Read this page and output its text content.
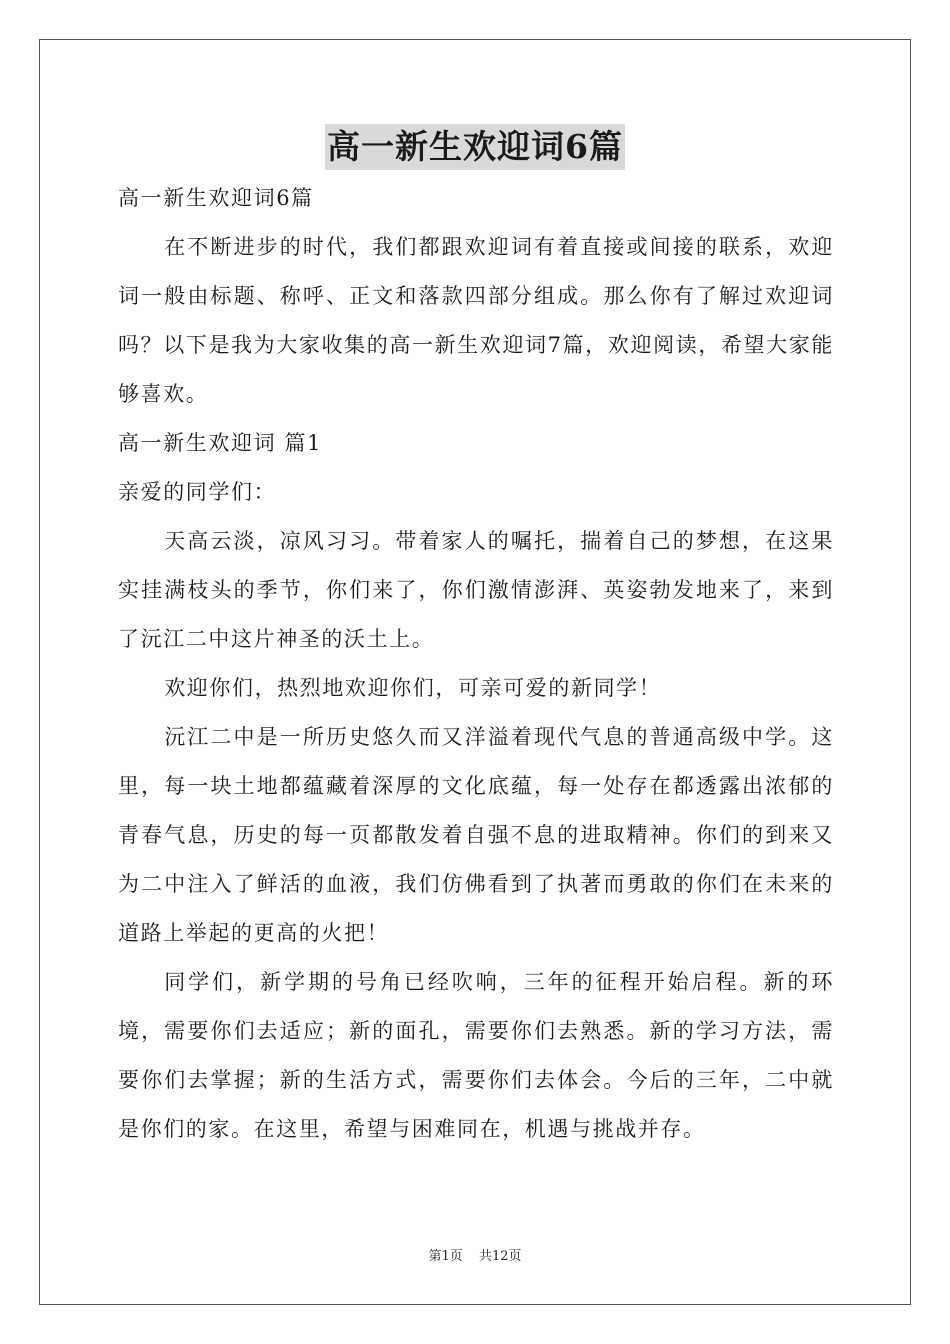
高一新生欢迎词6篇

高一新生欢迎词6篇

在不断进步的时代，我们都跟欢迎词有着直接或间接的联系，欢迎词一般由标题、称呼、正文和落款四部分组成。那么你有了解过欢迎词吗？以下是我为大家收集的高一新生欢迎词7篇，欢迎阅读，希望大家能够喜欢。

高一新生欢迎词 篇1

亲爱的同学们：

天高云淡，凉风习习。带着家人的嘱托，揣着自己的梦想，在这果实挂满枝头的季节，你们来了，你们激情澎湃、英姿勃发地来了，来到了沅江二中这片神圣的沃土上。

欢迎你们，热烈地欢迎你们，可亲可爱的新同学！

沅江二中是一所历史悠久而又洋溢着现代气息的普通高级中学。这里，每一块土地都蕴藏着深厚的文化底蕴，每一处存在都透露出浓郁的青春气息，历史的每一页都散发着自强不息的进取精神。你们的到来又为二中注入了鲜活的血液，我们仿佛看到了执著而勇敢的你们在未来的道路上举起的更高的火把！

同学们，新学期的号角已经吹响，三年的征程开始启程。新的环境，需要你们去适应；新的面孔，需要你们去熟悉。新的学习方法，需要你们去掌握；新的生活方式，需要你们去体会。今后的三年，二中就是你们的家。在这里，希望与困难同在，机遇与挑战并存。

第1页 共12页
